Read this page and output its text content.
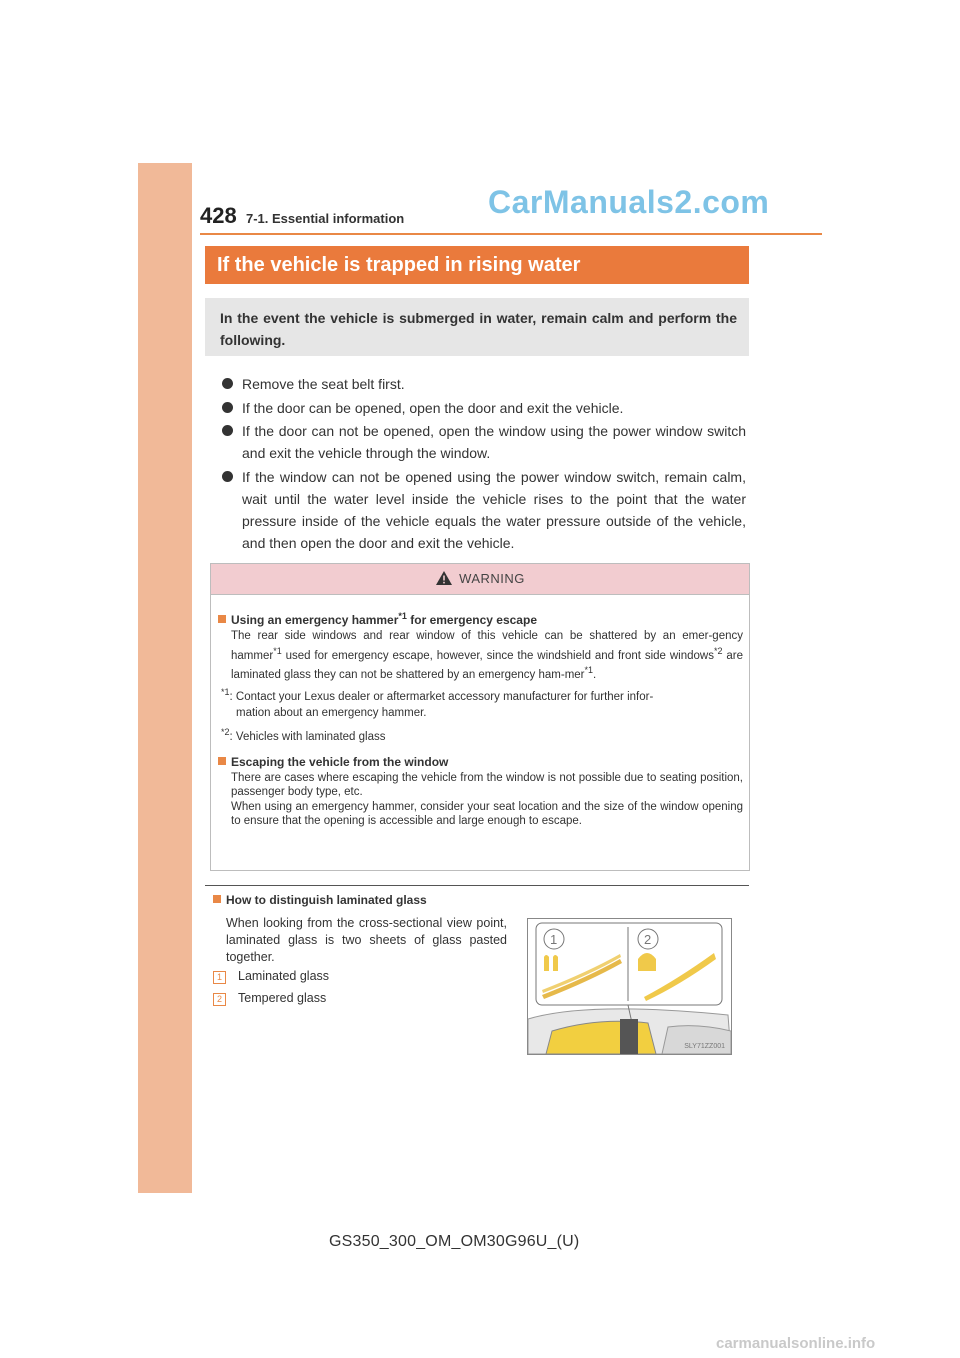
428 7-1. Essential information	CarManuals2.com
If the vehicle is trapped in rising water
In the event the vehicle is submerged in water, remain calm and perform the following.
Remove the seat belt first.
If the door can be opened, open the door and exit the vehicle.
If the door can not be opened, open the window using the power window switch and exit the vehicle through the window.
If the window can not be opened using the power window switch, remain calm, wait until the water level inside the vehicle rises to the point that the water pressure inside of the vehicle equals the water pressure outside of the vehicle, and then open the door and exit the vehicle.
WARNING
Using an emergency hammer$^{*1}$ for emergency escape
The rear side windows and rear window of this vehicle can be shattered by an emer-gency hammer$^{*1}$ used for emergency escape, however, since the windshield and front side windows$^{*2}$ are laminated glass they can not be shattered by an emergency ham-mer$^{*1}$.
$^{*1}$: Contact your Lexus dealer or aftermarket accessory manufacturer for further infor-
mation about an emergency hammer.
$^{*2}$: Vehicles with laminated glass
Escaping the vehicle from the window
There are cases where escaping the vehicle from the window is not possible due to seating position, passenger body type, etc.
When using an emergency hammer, consider your seat location and the size of the window opening to ensure that the opening is accessible and large enough to escape.
How to distinguish laminated glass
When looking from the cross-sectional view point, laminated glass is two sheets of glass pasted together.
1 Laminated glass
2 Tempered glass
1	2
SLY71ZZ001
GS350_300_OM_OM30G96U_(U)
carmanualsonline.info
